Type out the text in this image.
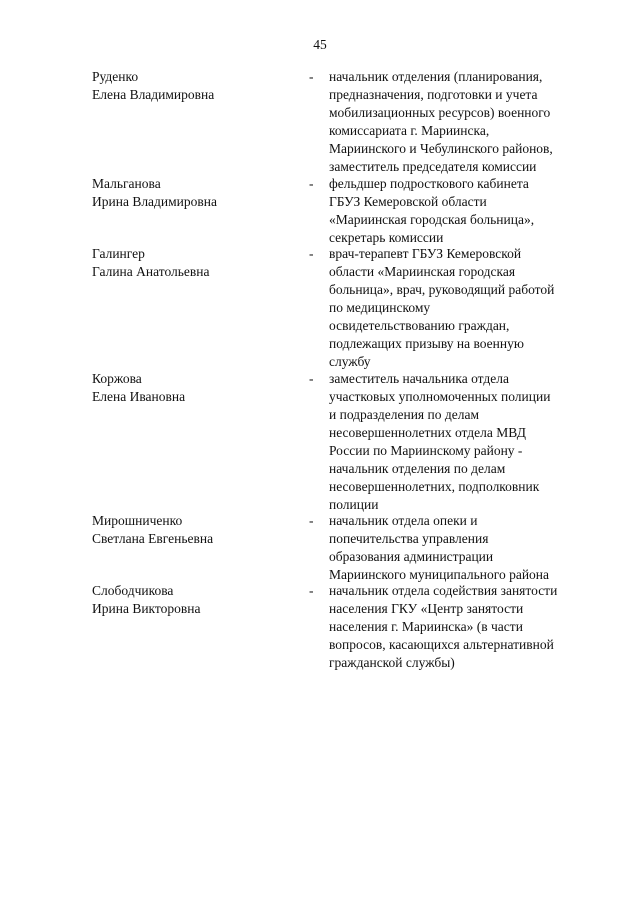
45
Руденко
Елена Владимировна
- начальник отделения (планирования,
предназначения, подготовки и учета
мобилизационных ресурсов) военного
комиссариата г. Мариинска,
Мариинского и Чебулинского районов,
заместитель председателя комиссии
Мальганова
Ирина Владимировна
- фельдшер подросткового кабинета
ГБУЗ Кемеровской области
«Мариинская городская больница»,
секретарь комиссии
Галингер
Галина Анатольевна
- врач-терапевт ГБУЗ Кемеровской
области «Мариинская городская
больница», врач, руководящий работой
по медицинскому
освидетельствованию граждан,
подлежащих призыву на военную
службу
Коржова
Елена Ивановна
- заместитель начальника отдела
участковых уполномоченных полиции
и подразделения по делам
несовершеннолетних отдела МВД
России по Мариинскому району -
начальник отделения по делам
несовершеннолетних, подполковник
полиции
Мирошниченко
Светлана Евгеньевна
- начальник отдела опеки и
попечительства управления
образования администрации
Мариинского муниципального района
Слободчикова
Ирина Викторовна
- начальник отдела содействия занятости
населения ГКУ «Центр занятости
населения г. Мариинска» (в части
вопросов, касающихся альтернативной
гражданской службы)
